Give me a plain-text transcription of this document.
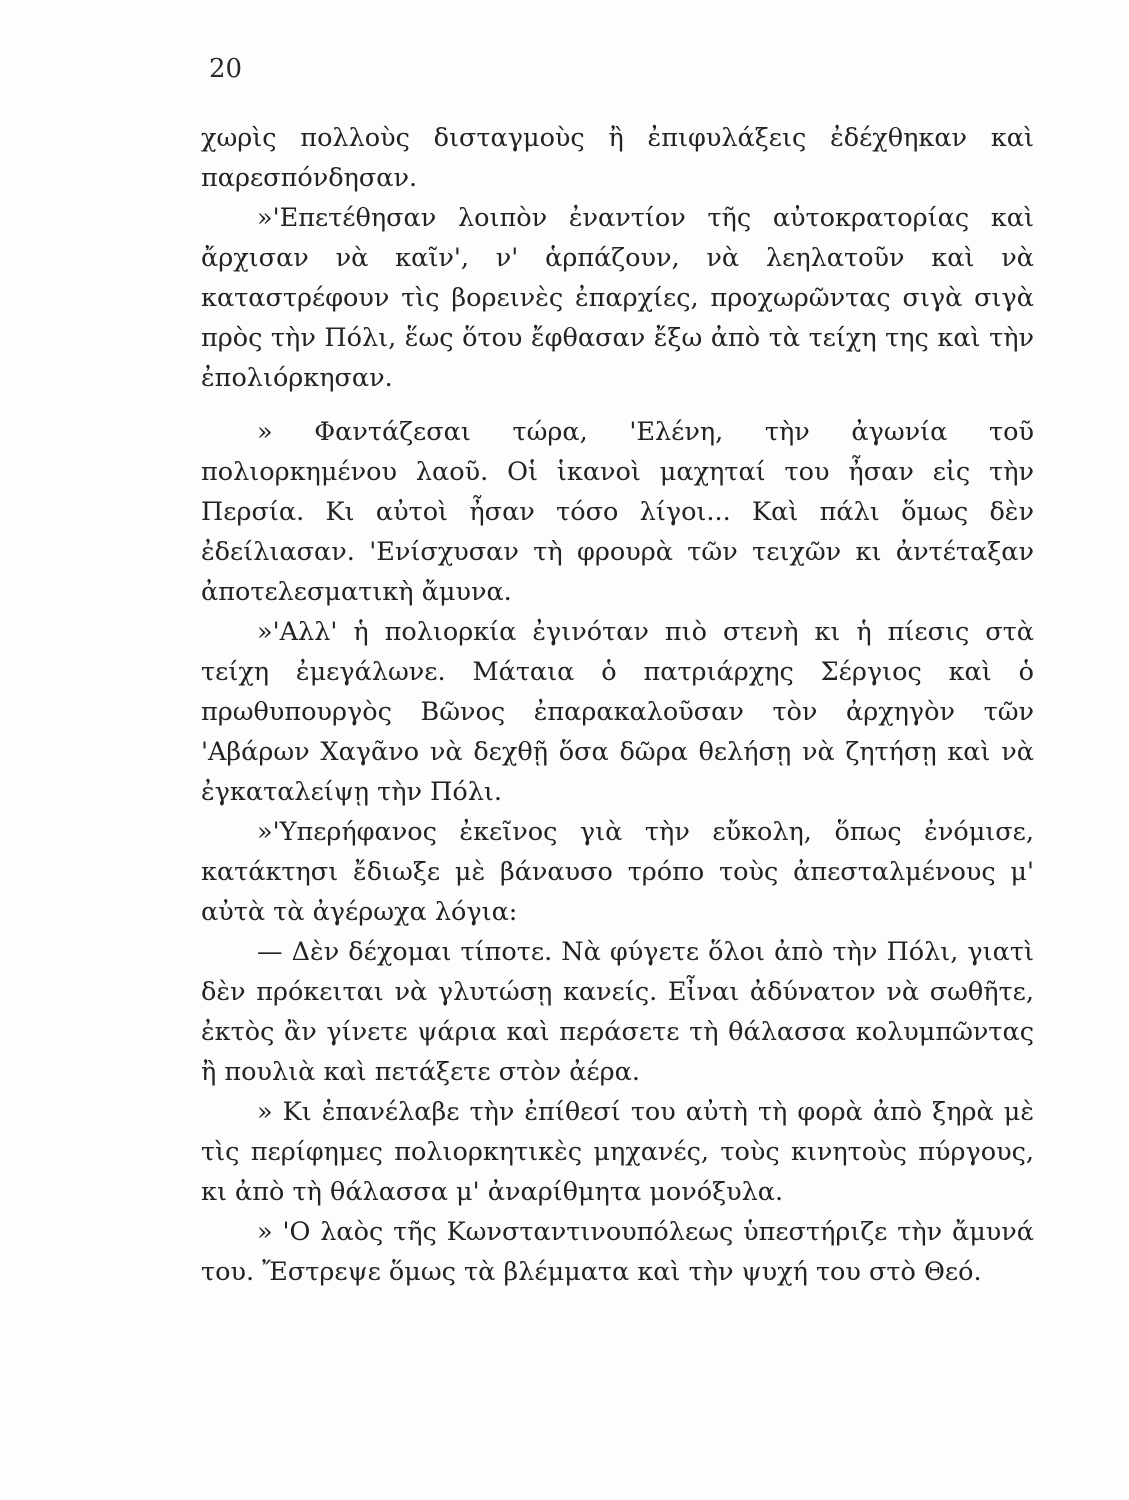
20

χωρὶς πολλοὺς δισταγμοὺς ἢ ἐπιφυλάξεις ἐδέχθηκαν καὶ παρεσπόνδησαν.

»'Επετέθησαν λοιπὸν ἐναντίον τῆς αὐτοκρατορίας καὶ ἄρχισαν νὰ καῖν', ν' ἁρπάζουν, νὰ λεηλατοῦν καὶ νὰ καταστρέφουν τὶς βορεινὲς ἐπαρχίες, προχωρῶντας σιγὰ σιγὰ πρὸς τὴν Πόλι, ἕως ὅτου ἔφθασαν ἔξω ἀπὸ τὰ τείχη της καὶ τὴν ἐπολιόρκησαν.

» Φαντάζεσαι τώρα, 'Ελένη, τὴν ἀγωνία τοῦ πολιορκημένου λαοῦ. Οἱ ἱκανοὶ μαχηταί του ἦσαν εἰς τὴν Περσία. Κι αὐτοὶ ἦσαν τόσο λίγοι... Καὶ πάλι ὅμως δὲν ἐδείλιασαν. 'Ενίσχυσαν τὴ φρουρὰ τῶν τειχῶν κι ἀντέταξαν ἀποτελεσματικὴ ἄμυνα.

»'Αλλ' ἡ πολιορκία ἐγινόταν πιὸ στενὴ κι ἡ πίεσις στὰ τείχη ἐμεγάλωνε. Μάταια ὁ πατριάρχης Σέργιος καὶ ὁ πρωθυπουργὸς Βῶνος ἐπαρακαλοῦσαν τὸν ἀρχηγὸν τῶν 'Αβάρων Χαγᾶνο νὰ δεχθῇ ὅσα δῶρα θελήσῃ νὰ ζητήσῃ καὶ νὰ ἐγκαταλείψῃ τὴν Πόλι.

»'Υπερήφανος ἐκεῖνος γιὰ τὴν εὔκολη, ὅπως ἐνόμισε, κατάκτησι ἔδιωξε μὲ βάναυσο τρόπο τοὺς ἀπεσταλμένους μ' αὐτὰ τὰ ἀγέρωχα λόγια:

— Δὲν δέχομαι τίποτε. Νὰ φύγετε ὅλοι ἀπὸ τὴν Πόλι, γιατὶ δὲν πρόκειται νὰ γλυτώσῃ κανείς. Εἶναι ἀδύνατον νὰ σωθῆτε, ἐκτὸς ἂν γίνετε ψάρια καὶ περάσετε τὴ θάλασσα κολυμπῶντας ἢ πουλιὰ καὶ πετάξετε στὸν ἀέρα.

» Κι ἐπανέλαβε τὴν ἐπίθεσί του αὐτὴ τὴ φορὰ ἀπὸ ξηρὰ μὲ τὶς περίφημες πολιορκητικὲς μηχανές, τοὺς κινητοὺς πύργους, κι ἀπὸ τὴ θάλασσα μ' ἀναρίθμητα μονόξυλα.

» 'Ο λαὸς τῆς Κωνσταντινουπόλεως ὑπεστήριζε τὴν ἄμυνά του. Ἔστρεψε ὅμως τὰ βλέμματα καὶ τὴν ψυχή του στὸ Θεό.
